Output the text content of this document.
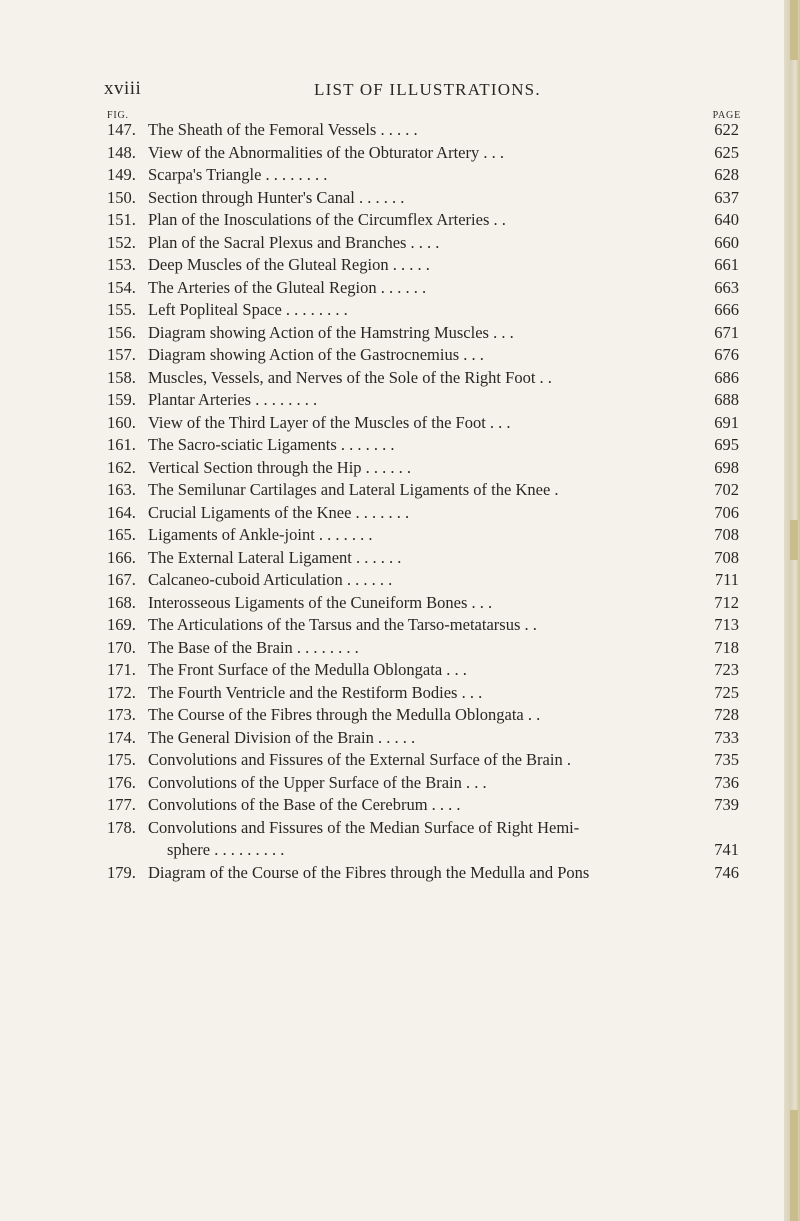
xviii	LIST OF ILLUSTRATIONS.
FIG.	PAGE
147. The Sheath of the Femoral Vessels . . . . .	622
148. View of the Abnormalities of the Obturator Artery . . .	625
149. Scarpa's Triangle . . . . . . . .	628
150. Section through Hunter's Canal . . . . . .	637
151. Plan of the Inosculations of the Circumflex Arteries . .	640
152. Plan of the Sacral Plexus and Branches . . . .	660
153. Deep Muscles of the Gluteal Region . . . . .	661
154. The Arteries of the Gluteal Region . . . . . .	663
155. Left Popliteal Space . . . . . . . .	666
156. Diagram showing Action of the Hamstring Muscles . . .	671
157. Diagram showing Action of the Gastrocnemius . . .	676
158. Muscles, Vessels, and Nerves of the Sole of the Right Foot . .	686
159. Plantar Arteries . . . . . . . .	688
160. View of the Third Layer of the Muscles of the Foot . . .	691
161. The Sacro-sciatic Ligaments . . . . . . .	695
162. Vertical Section through the Hip . . . . . .	698
163. The Semilunar Cartilages and Lateral Ligaments of the Knee .	702
164. Crucial Ligaments of the Knee . . . . . . .	706
165. Ligaments of Ankle-joint . . . . . . .	708
166. The External Lateral Ligament . . . . . .	708
167. Calcaneo-cuboid Articulation . . . . . .	711
168. Interosseous Ligaments of the Cuneiform Bones . . .	712
169. The Articulations of the Tarsus and the Tarso-metatarsus . .	713
170. The Base of the Brain . . . . . . . .	718
171. The Front Surface of the Medulla Oblongata . . .	723
172. The Fourth Ventricle and the Restiform Bodies . . .	725
173. The Course of the Fibres through the Medulla Oblongata . .	728
174. The General Division of the Brain . . . . .	733
175. Convolutions and Fissures of the External Surface of the Brain .	735
176. Convolutions of the Upper Surface of the Brain . . .	736
177. Convolutions of the Base of the Cerebrum . . . .	739
178. Convolutions and Fissures of the Median Surface of Right Hemi-
sphere . . . . . . . . .	741
179. Diagram of the Course of the Fibres through the Medulla and Pons	746
